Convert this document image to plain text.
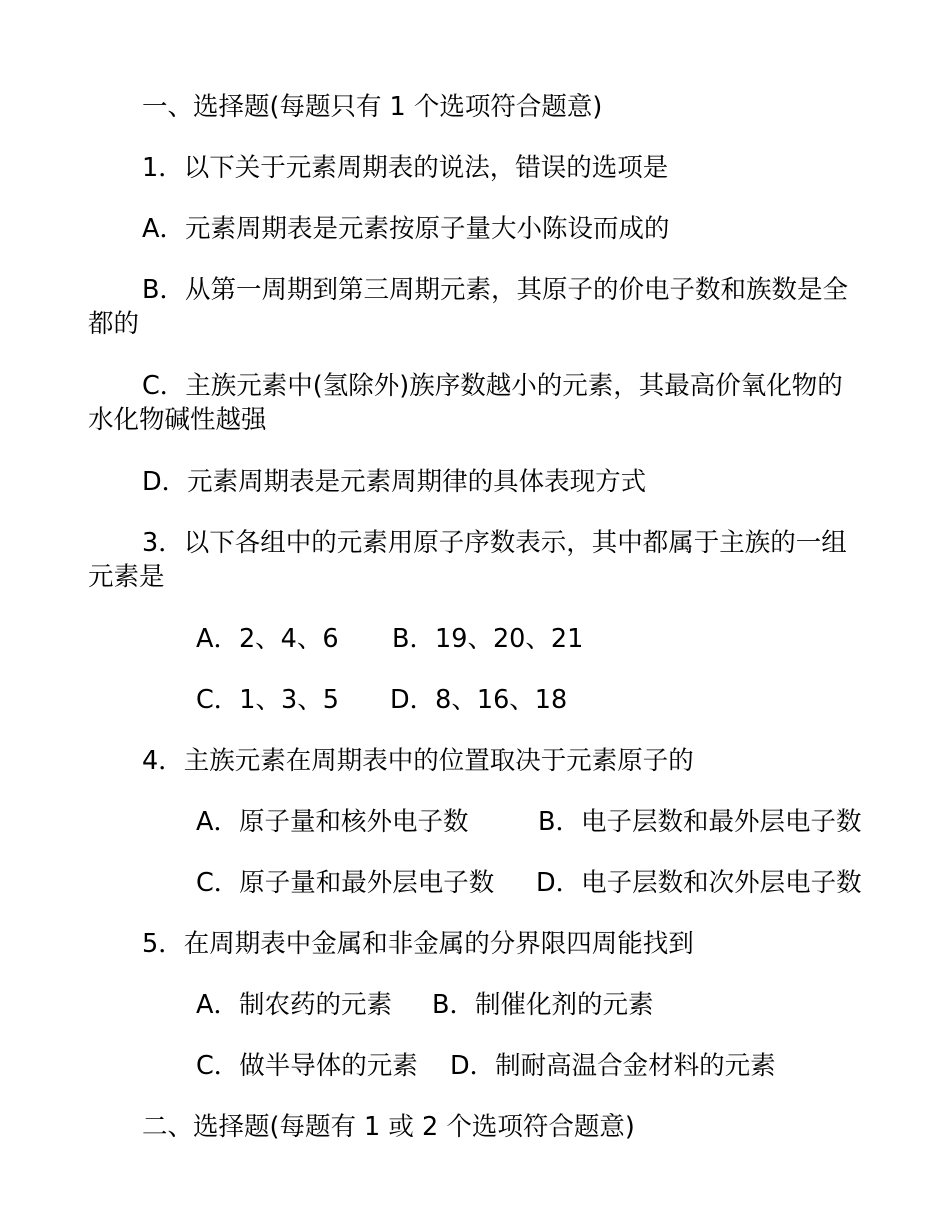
一、选择题(每题只有 1 个选项符合题意)
1．以下关于元素周期表的说法，错误的选项是
A．元素周期表是元素按原子量大小陈设而成的
B．从第一周期到第三周期元素，其原子的价电子数和族数是全都的
C．主族元素中(氢除外)族序数越小的元素，其最高价氧化物的水化物碱性越强
D．元素周期表是元素周期律的具体表现方式
3．以下各组中的元素用原子序数表示，其中都属于主族的一组元素是
A．2、4、6 B．19、20、21
C．1、3、5 D．8、16、18
4．主族元素在周期表中的位置取决于元素原子的
A．原子量和核外电子数	B．电子层数和最外层电子数
C．原子量和最外层电子数 D．电子层数和次外层电子数
5．在周期表中金属和非金属的分界限四周能找到
A．制农药的元素 B．制催化剂的元素
C．做半导体的元素 D．制耐高温合金材料的元素
二、选择题(每题有 1 或 2 个选项符合题意)
